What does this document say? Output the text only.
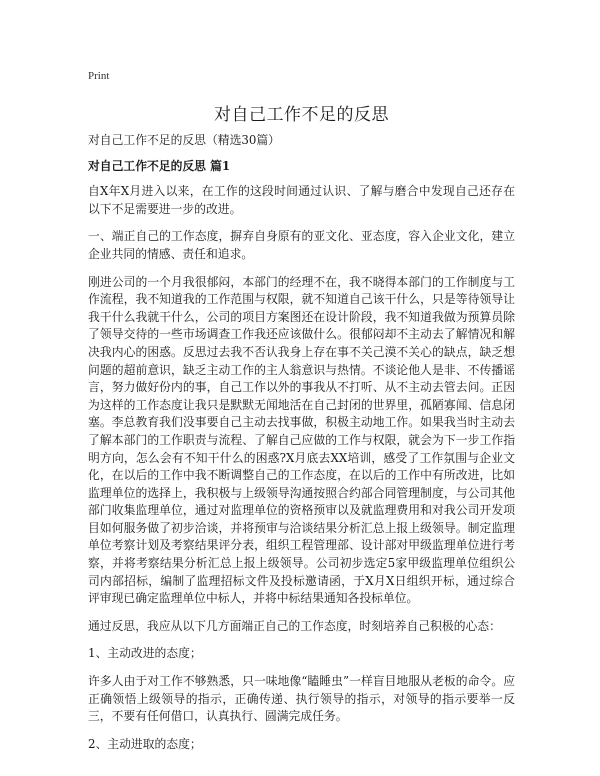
Print
对自己工作不足的反思

对自己工作不足的反思（精选30篇）

对自己工作不足的反思 篇1

自X年X月进入以来，在工作的这段时间通过认识、了解与磨合中发现自己还存在以下不足需要进一步的改进。

一、端正自己的工作态度，摒弃自身原有的亚文化、亚态度，容入企业文化，建立企业共同的情感、责任和追求。

刚进公司的一个月我很郁闷，本部门的经理不在，我不晓得本部门的工作制度与工作流程，我不知道我的工作范围与权限，就不知道自己该干什么，只是等待领导让我干什么我就干什么，公司的项目方案图还在设计阶段，我不知道我做为预算员除了领导交待的一些市场调查工作我还应该做什么。很郁闷却不主动去了解情况和解决我内心的困惑。反思过去我不否认我身上存在事不关己漠不关心的缺点，缺乏想问题的超前意识，缺乏主动工作的主人翁意识与热情。不谈论他人是非、不传播谣言，努力做好份内的事，自己工作以外的事我从不打听、从不主动去管去问。正因为这样的工作态度让我只是默默无闻地活在自己封闭的世界里，孤陋寡闻、信息闭塞。李总教育我们没事要自己主动去找事做，积极主动地工作。如果我当时主动去了解本部门的工作职责与流程、了解自己应做的工作与权限，就会为下一步工作指明方向，怎么会有不知干什么的困惑?X月底去XX培训，感受了工作氛围与企业文化，在以后的工作中我不断调整自己的工作态度，在以后的工作中有所改进，比如监理单位的选择上，我积极与上级领导沟通按照合约部合同管理制度，与公司其他部门收集监理单位，通过对监理单位的资格预审以及就监理费用和对我公司开发项目如何服务做了初步洽谈，并将预审与洽谈结果分析汇总上报上级领导。制定监理单位考察计划及考察结果评分表，组织工程管理部、设计部对甲级监理单位进行考察，并将考察结果分析汇总上报上级领导。公司初步选定5家甲级监理单位组织公司内部招标，编制了监理招标文件及投标邀请函，于X月X日组织开标，通过综合评审现已确定监理单位中标人，并将中标结果通知各投标单位。

通过反思，我应从以下几方面端正自己的工作态度，时刻培养自己积极的心态：

1、主动改进的态度；

许多人由于对工作不够熟悉，只一味地像“瞌睡虫”一样盲目地服从老板的命令。应正确领悟上级领导的指示，正确传递、执行领导的指示，对领导的指示要举一反三，不要有任何借口，认真执行、圆满完成任务。

2、主动进取的态度；
